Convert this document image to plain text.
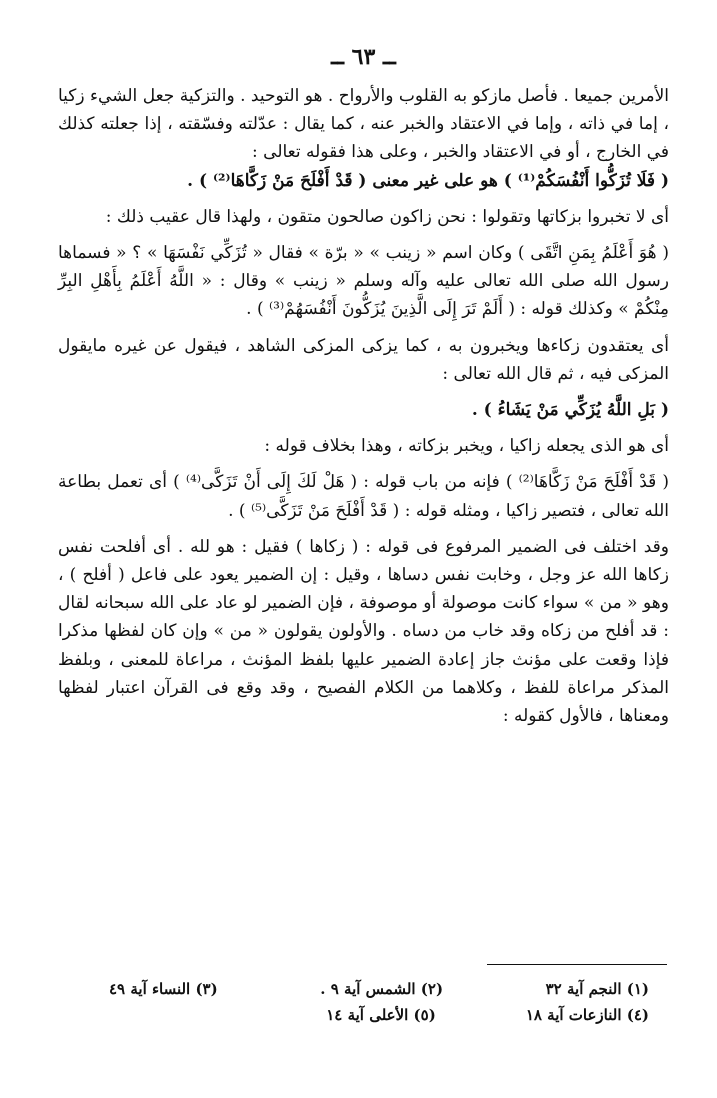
ــ ٦٣ ــ

الأمرين جميعا . فأصل مازكو به القلوب والأرواح . هو التوحيد . والتزكية جعل الشيء زكيا ، إما في ذاته ، وإما في الاعتقاد والخبر عنه ، كما يقال : عدّلته وفسّقته ، إذا جعلته كذلك في الخارج ، أو في الاعتقاد والخبر ، وعلى هذا فقوله تعالى :

( فَلَا تُزَكُّوا أَنْفُسَكُمْ⁽¹⁾ ) هو على غير معنى ( قَدْ أَفْلَحَ مَنْ زَكَّاهَا⁽²⁾ ) .

أى لا تخبروا بزكاتها وتقولوا : نحن زاكون صالحون متقون ، ولهذا قال عقيب ذلك :

( هُوَ أَعْلَمُ بِمَنِ اتَّقَى ) وكان اسم « زينب » « برّة » فقال « تُزَكِّي نَفْسَهَا » ؟ « فسماها رسول الله صلى الله تعالى عليه وآله وسلم « زينب » وقال : « اللَّهُ أَعْلَمُ بِأَهْلِ البِرِّ مِنْكُمْ » وكذلك قوله : ( أَلَمْ تَرَ إِلَى الَّذِينَ يُزَكُّونَ أَنْفُسَهُمْ⁽³⁾ ) .

أى يعتقدون زكاءها ويخبرون به ، كما يزكى المزكى الشاهد ، فيقول عن غيره مايقول المزكى فيه ، ثم قال الله تعالى :

( بَلِ اللَّهُ يُزَكِّي مَنْ يَشَاءُ ) .

أى هو الذى يجعله زاكيا ، ويخبر بزكاته ، وهذا بخلاف قوله :

( قَدْ أَفْلَحَ مَنْ زَكَّاهَا⁽²⁾ ) فإنه من باب قوله : ( هَلْ لَكَ إِلَى أَنْ تَزَكَّى⁽⁴⁾ ) أى تعمل بطاعة الله تعالى ، فتصير زاكيا ، ومثله قوله : ( قَدْ أَفْلَحَ مَنْ تَزَكَّى⁽⁵⁾ ) .

وقد اختلف فى الضمير المرفوع فى قوله : ( زكاها ) فقيل : هو لله . أى أفلحت نفس زكاها الله عز وجل ، وخابت نفس دساها ، وقيل : إن الضمير يعود على فاعل ( أفلح ) ، وهو « من » سواء كانت موصولة أو موصوفة ، فإن الضمير لو عاد على الله سبحانه لقال : قد أفلح من زكاه وقد خاب من دساه . والأولون يقولون « من » وإن كان لفظها مذكرا فإذا وقعت على مؤنث جاز إعادة الضمير عليها بلفظ المؤنث ، مراعاة للمعنى ، وبلفظ المذكر مراعاة للفظ ، وكلاهما من الكلام الفصيح ، وقد وقع فى القرآن اعتبار لفظها ومعناها ، فالأول كقوله :

(١) النجم آية ٣٢
(٢) الشمس آية ٩ .
(٣) النساء آية ٤٩
(٤) النازعات آية ١٨
(٥) الأعلى آية ١٤
